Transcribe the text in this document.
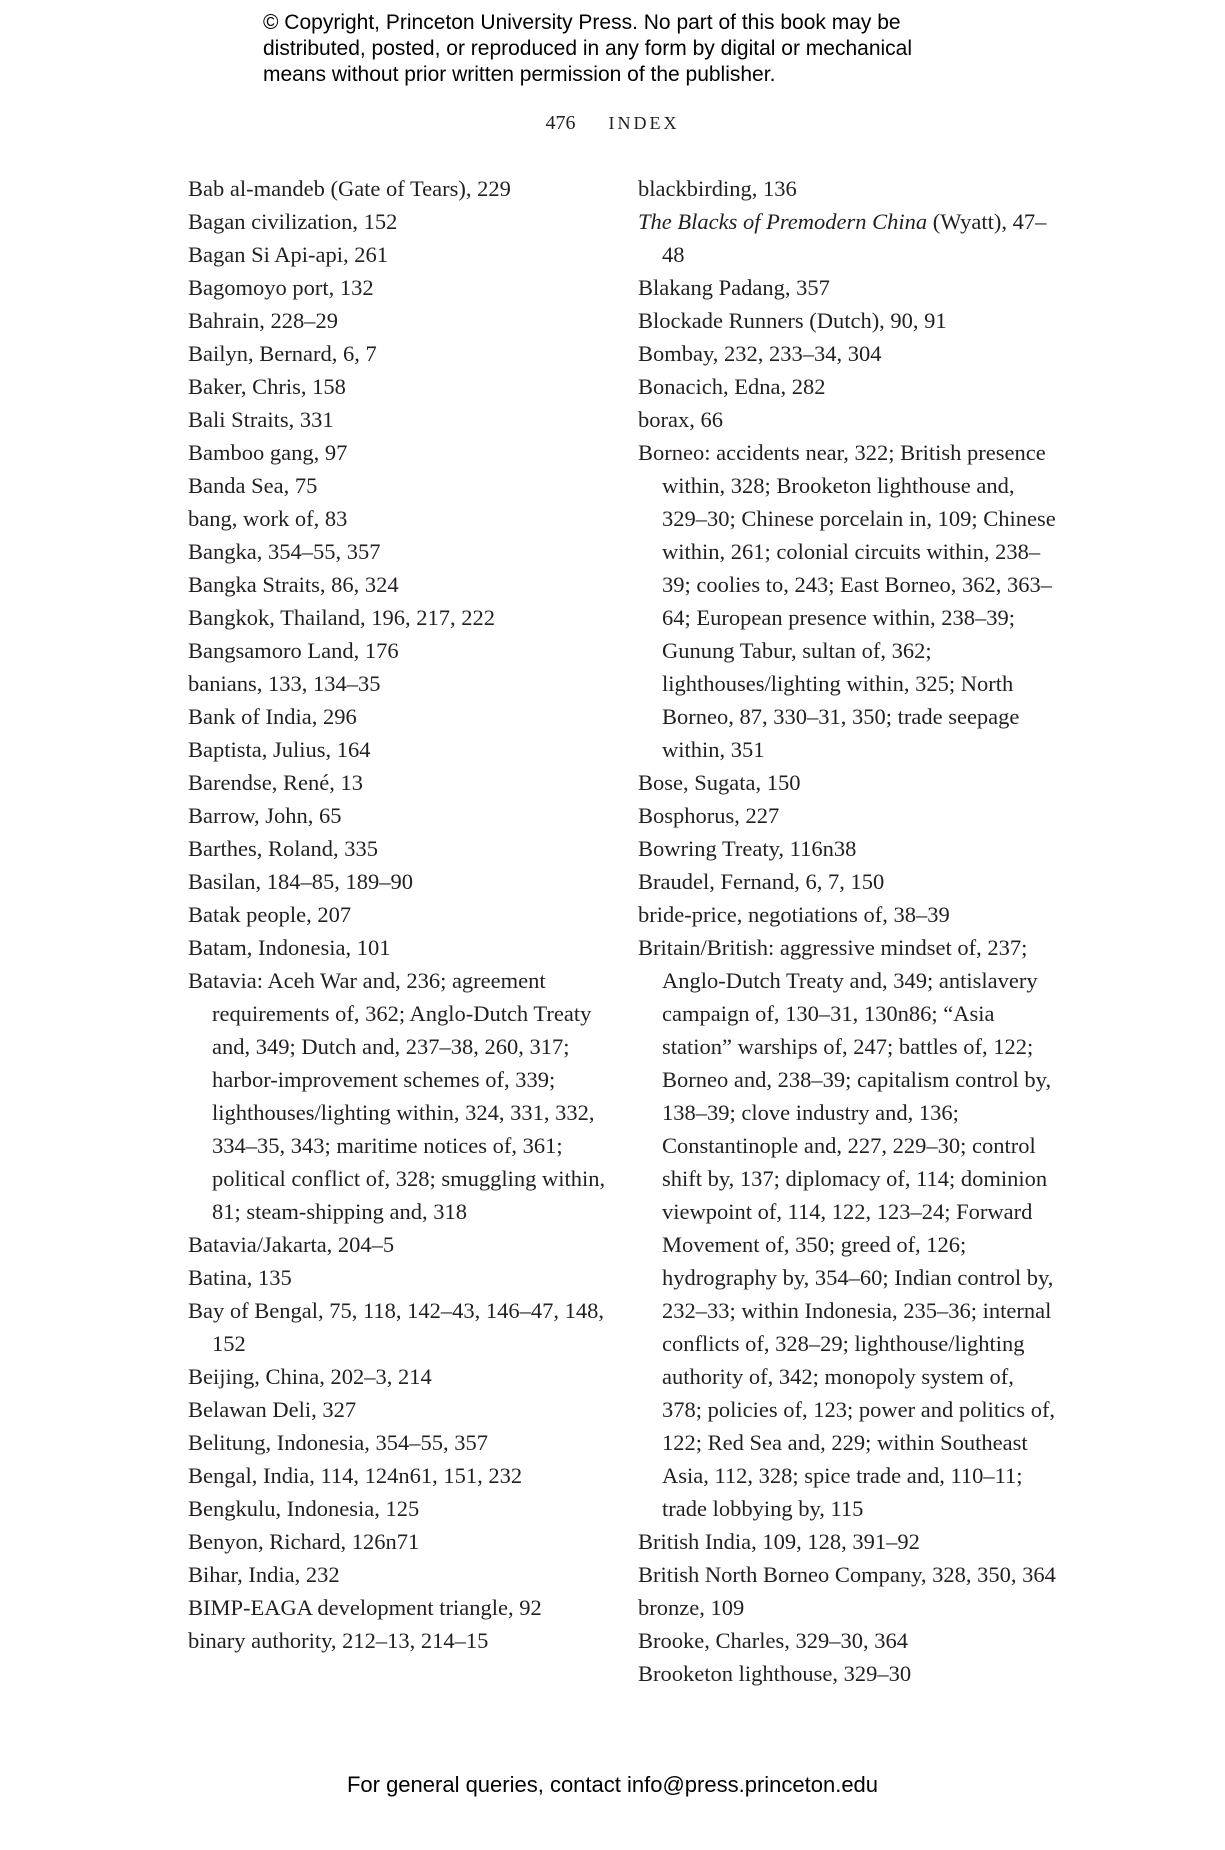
© Copyright, Princeton University Press. No part of this book may be
distributed, posted, or reproduced in any form by digital or mechanical
means without prior written permission of the publisher.
476 INDEX
Bab al-mandeb (Gate of Tears), 229
Bagan civilization, 152
Bagan Si Api-api, 261
Bagomoyo port, 132
Bahrain, 228–29
Bailyn, Bernard, 6, 7
Baker, Chris, 158
Bali Straits, 331
Bamboo gang, 97
Banda Sea, 75
bang, work of, 83
Bangka, 354–55, 357
Bangka Straits, 86, 324
Bangkok, Thailand, 196, 217, 222
Bangsamoro Land, 176
banians, 133, 134–35
Bank of India, 296
Baptista, Julius, 164
Barendse, René, 13
Barrow, John, 65
Barthes, Roland, 335
Basilan, 184–85, 189–90
Batak people, 207
Batam, Indonesia, 101
Batavia: Aceh War and, 236; agreement requirements of, 362; Anglo-Dutch Treaty and, 349; Dutch and, 237–38, 260, 317; harbor-improvement schemes of, 339; lighthouses/lighting within, 324, 331, 332, 334–35, 343; maritime notices of, 361; political conflict of, 328; smuggling within, 81; steam-shipping and, 318
Batavia/Jakarta, 204–5
Batina, 135
Bay of Bengal, 75, 118, 142–43, 146–47, 148, 152
Beijing, China, 202–3, 214
Belawan Deli, 327
Belitung, Indonesia, 354–55, 357
Bengal, India, 114, 124n61, 151, 232
Bengkulu, Indonesia, 125
Benyon, Richard, 126n71
Bihar, India, 232
BIMP-EAGA development triangle, 92
binary authority, 212–13, 214–15
blackbirding, 136
The Blacks of Premodern China (Wyatt), 47–48
Blakang Padang, 357
Blockade Runners (Dutch), 90, 91
Bombay, 232, 233–34, 304
Bonacich, Edna, 282
borax, 66
Borneo: accidents near, 322; British presence within, 328; Brooketon lighthouse and, 329–30; Chinese porcelain in, 109; Chinese within, 261; colonial circuits within, 238–39; coolies to, 243; East Borneo, 362, 363–64; European presence within, 238–39; Gunung Tabur, sultan of, 362; lighthouses/lighting within, 325; North Borneo, 87, 330–31, 350; trade seepage within, 351
Bose, Sugata, 150
Bosphorus, 227
Bowring Treaty, 116n38
Braudel, Fernand, 6, 7, 150
bride-price, negotiations of, 38–39
Britain/British: aggressive mindset of, 237; Anglo-Dutch Treaty and, 349; antislavery campaign of, 130–31, 130n86; “Asia station” warships of, 247; battles of, 122; Borneo and, 238–39; capitalism control by, 138–39; clove industry and, 136; Constantinople and, 227, 229–30; control shift by, 137; diplomacy of, 114; dominion viewpoint of, 114, 122, 123–24; Forward Movement of, 350; greed of, 126; hydrography by, 354–60; Indian control by, 232–33; within Indonesia, 235–36; internal conflicts of, 328–29; lighthouse/lighting authority of, 342; monopoly system of, 378; policies of, 123; power and politics of, 122; Red Sea and, 229; within Southeast Asia, 112, 328; spice trade and, 110–11; trade lobbying by, 115
British India, 109, 128, 391–92
British North Borneo Company, 328, 350, 364
bronze, 109
Brooke, Charles, 329–30, 364
Brooketon lighthouse, 329–30
For general queries, contact info@press.princeton.edu
